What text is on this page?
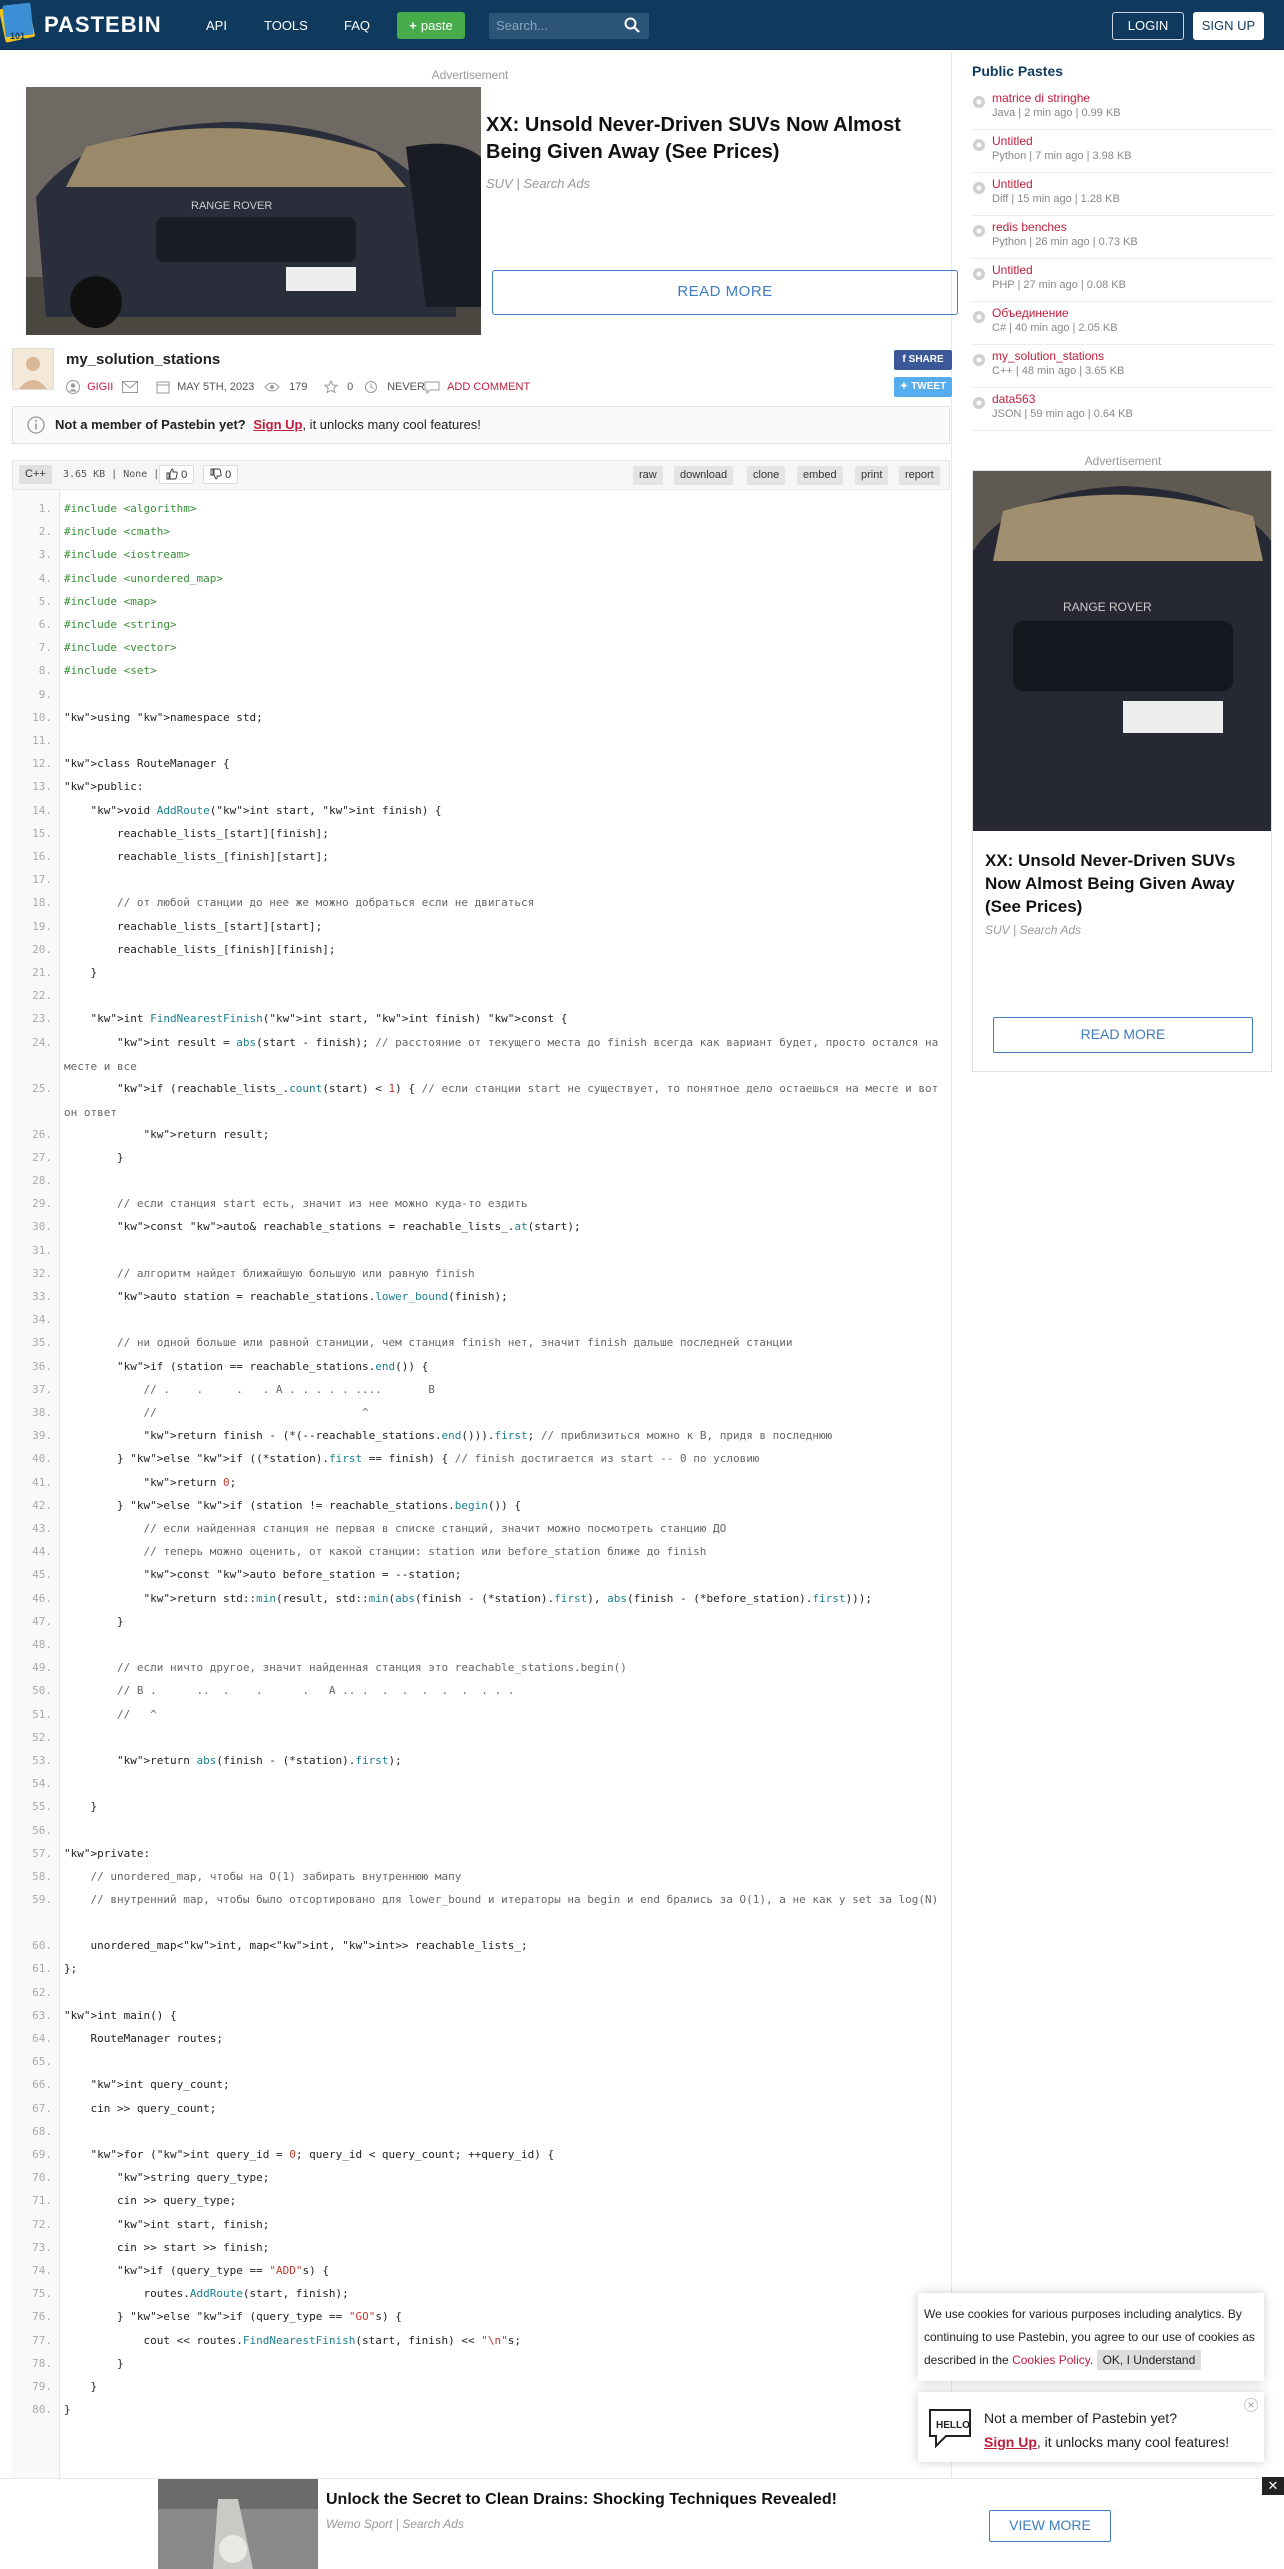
101 PASTEBIN	API	TOOLS	FAQ	+ paste	Search...	LOGIN	SIGN UP
Advertisement
RANGE ROVER
XX: Unsold Never-Driven SUVs Now Almost Being Given Away (See Prices)
SUV | Search Ads
READ MORE
my_solution_stations
GIGII	MAY 5TH, 2023	179	0	NEVER	ADD COMMENT
f SHARE
✦ TWEET
Not a member of Pastebin yet? Sign Up, it unlocks many cool features!
C++	3.65 KB | None |	0	0	raw	download	clone	embed	print	report
1. #include <algorithm>
2. #include <cmath>
3. #include <iostream>
4. #include <unordered_map>
5. #include <map>
6. #include <string>
7. #include <vector>
8. #include <set>
9.
10. "kw">using "kw">namespace std;
11.
12. "kw">class RouteManager {
13. "kw">public:
14.	"kw">void AddRoute("kw">int start, "kw">int finish) {
15. reachable_lists_[start][finish];
16. reachable_lists_[finish][start];
17.
18.	// от любой станции до нее же можно добраться если не двигаться
19. reachable_lists_[start][start];
20. reachable_lists_[finish][finish];
21. }
22.
23.	"kw">int FindNearestFinish("kw">int start, "kw">int finish) "kw">const {
24.	"kw">int result = abs(start - finish); // расстояние от текущего места до finish всегда как вариант будет, просто остался на месте и все
25.	"kw">if (reachable_lists_.count(start) < 1) { // если станции start не существует, то понятное дело остаешься на месте и вот он ответ
26.	"kw">return result;
27. }
28.
29.	// если станция start есть, значит из нее можно куда-то ездить
30.	"kw">const "kw">auto& reachable_stations = reachable_lists_.at(start);
31.
32.	// алгоритм найдет ближайшую большую или равную finish
33.	"kw">auto station = reachable_stations.lower_bound(finish);
34.
35.	// ни одной больше или равной станиции, чем станция finish нет, значит finish дальше последней станции
36.	"kw">if (station == reachable_stations.end()) {
37.	// .    .     .   . A . . . . . ....       B
38.	//                               ^
39.	"kw">return finish - (*(--reachable_stations.end())).first; // приблизиться можно к B, придя в последнюю
40. } "kw">else "kw">if ((*station).first == finish) { // finish достигается из start -- 0 по условию
41.	"kw">return 0;
42. } "kw">else "kw">if (station != reachable_stations.begin()) {
43.	// если найденная станция не первая в списке станций, значит можно посмотреть станцию ДО
44.	// теперь можно оценить, от какой станции: station или before_station ближе до finish
45.	"kw">const "kw">auto before_station = --station;
46.	"kw">return std::min(result, std::min(abs(finish - (*station).first), abs(finish - (*before_station).first)));
47. }
48.
49.	// если ничто другое, значит найденная станция это reachable_stations.begin()
50.	// B .      ..  .    .      .   A .. .  .  .  .  .  .  . . .
51.	//   ^
52.
53.	"kw">return abs(finish - (*station).first);
54.
55. }
56.
57. "kw">private:
58.	// unordered_map, чтобы на O(1) забирать внутреннюю мапу
59.	// внутренний map, чтобы было отсортировано для lower_bound и итераторы на begin и end брались за O(1), а не как у set за log(N)
60. unordered_map<"kw">int, map<"kw">int, "kw">int>> reachable_lists_;
61. };
62.
63. "kw">int main() {
64. RouteManager routes;
65.
66.	"kw">int query_count;
67. cin >> query_count;
68.
69.	"kw">for ("kw">int query_id = 0; query_id < query_count; ++query_id) {
70.	"kw">string query_type;
71. cin >> query_type;
72.	"kw">int start, finish;
73. cin >> start >> finish;
74.	"kw">if (query_type == "ADD"s) {
75. routes.AddRoute(start, finish);
76. } "kw">else "kw">if (query_type == "GO"s) {
77. cout << routes.FindNearestFinish(start, finish) << "\n"s;
78. }
79. }
80. }
Public Pastes
matrice di stringhe
Java | 2 min ago | 0.99 KB
Untitled
Python | 7 min ago | 3.98 KB
Untitled
Diff | 15 min ago | 1.28 KB
redis benches
Python | 26 min ago | 0.73 KB
Untitled
PHP | 27 min ago | 0.08 KB
Объединение
C# | 40 min ago | 2.05 KB
my_solution_stations
C++ | 48 min ago | 3.65 KB
data563
JSON | 59 min ago | 0.64 KB
Advertisement
RANGE ROVER
XX: Unsold Never-Driven SUVs Now Almost Being Given Away (See Prices)
SUV | Search Ads
READ MORE
We use cookies for various purposes including analytics. By continuing to use Pastebin, you agree to our use of cookies as described in the Cookies Policy. OK, I Understand
HELLO Not a member of Pastebin yet?
Sign Up, it unlocks many cool features!
×
Unlock the Secret to Clean Drains: Shocking Techniques Revealed!
Wemo Sport | Search Ads	VIEW MORE
✕
